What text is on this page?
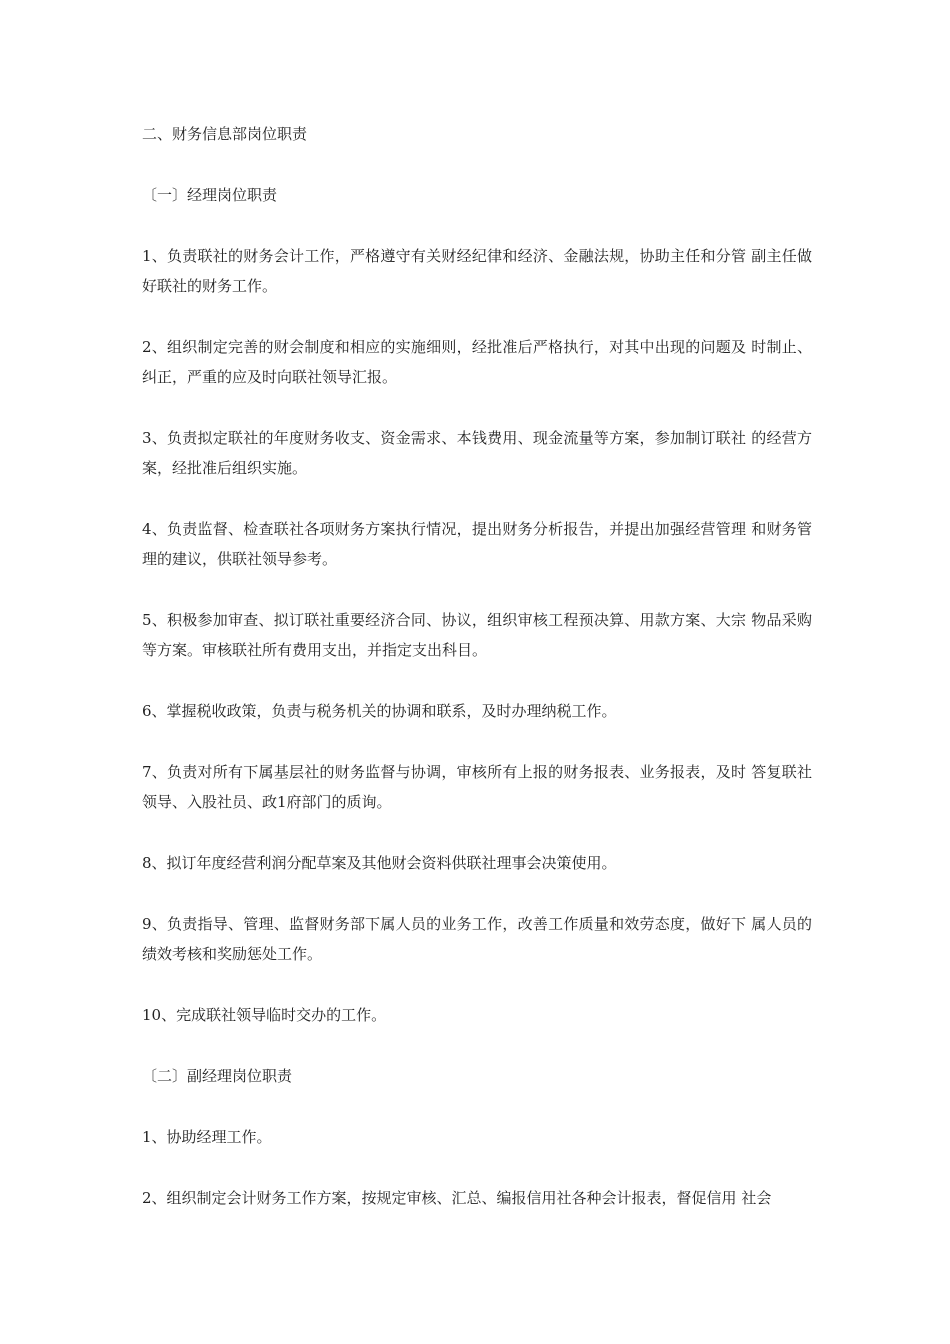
二、财务信息部岗位职责

〔一〕经理岗位职责

1、负责联社的财务会计工作，严格遵守有关财经纪律和经济、金融法规，协助主任和分管 副主任做好联社的财务工作。

2、组织制定完善的财会制度和相应的实施细则，经批准后严格执行，对其中出现的问题及 时制止、纠正，严重的应及时向联社领导汇报。

3、负责拟定联社的年度财务收支、资金需求、本钱费用、现金流量等方案，参加制订联社 的经营方案，经批准后组织实施。

4、负责监督、检查联社各项财务方案执行情况，提出财务分析报告，并提出加强经营管理 和财务管理的建议，供联社领导参考。

5、积极参加审查、拟订联社重要经济合同、协议，组织审核工程预决算、用款方案、大宗 物品采购等方案。审核联社所有费用支出，并指定支出科目。

6、掌握税收政策，负责与税务机关的协调和联系，及时办理纳税工作。

7、负责对所有下属基层社的财务监督与协调，审核所有上报的财务报表、业务报表，及时 答复联社领导、入股社员、政1府部门的质询。

8、拟订年度经营利润分配草案及其他财会资料供联社理事会决策使用。

9、负责指导、管理、监督财务部下属人员的业务工作，改善工作质量和效劳态度，做好下 属人员的绩效考核和奖励惩处工作。

10、完成联社领导临时交办的工作。

〔二〕副经理岗位职责

1、协助经理工作。

2、组织制定会计财务工作方案，按规定审核、汇总、编报信用社各种会计报表，督促信用 社会
